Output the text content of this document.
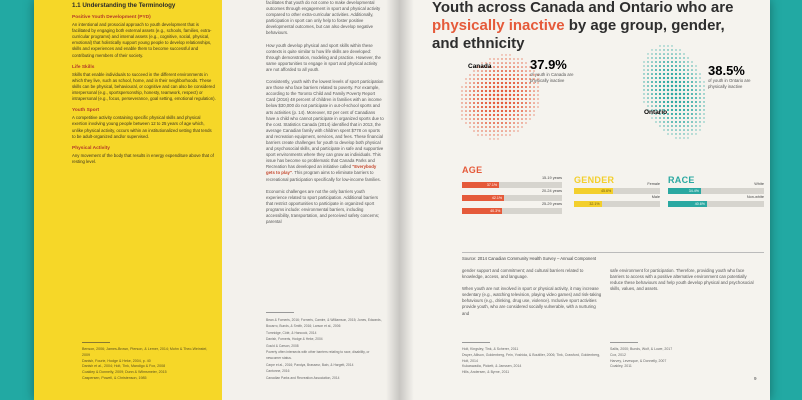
1.1 Understanding the Terminology
Positive Youth Development (PYD)

An intentional and prosocial approach to youth development that is facilitated by engaging both external assets (e.g., schools, families, extra-curricular programs) and internal assets (e.g., cognitive, social, physical, emotional) that holistically support young people to develop relationships, skills and experiences and enable them to become successful and contributing members of their society.

Life Skills

Skills that enable individuals to succeed in the different environments in which they live, such as school, home, and in their neighborhoods. These skills can be physical, behavioural, or cognitive and can also be considered interpersonal (e.g., sportspersonship, honesty, teamwork, respect) or intrapersonal (e.g., focus, perseverance, goal setting, emotional regulation).

Youth Sport

A competitive activity containing specific physical skills and physical exertion involving young people between 12 to 25 years of age which, unlike physical activity, occurs within an institutionalized setting that tends to be adult-organized and/or supervised.

Physical Activity

Any movement of the body that results in energy expenditure above that of resting level.

Benson, 2006; James-Brown, Pierson, & Lerner, 2014; Mohn & Theo-Weinstel, 2009
Danish, Fourie, Hodge & Heke, 2004, p. 40
Danish et al., 2004; Holt, Tink, Mandigo & Fox, 2008
Coakley & Donnelly, 2009; Dunn & Wilmsmeier, 2015
Caspersen, Powell, & Christenson, 1985

facilitates that youth do not come to make developmental outcomes through engagement in sport and physical activity compared to other extra-curricular activities. Additionally, participation in sport can only help to foster positive developmental outcomes, but can also develop negative behaviours.

How youth develop physical and sport skills within these contexts is quite similar to how life skills are developed: through demonstration, modeling and practice. However, the same opportunities to engage in sport and physical activity are not afforded to all youth.

Consistently, youth with the lowest levels of sport participation are those who face barriers related to poverty. For example, according to the Toronto Child and Family Poverty Report Card (2016) 48 percent of children in families with an income below $30,000 do not participate in out-of-school sports and arts activities (p. 14). Moreover, 82 per cent of Canadians have a child who cannot participate in organized sports due to the cost. Statistics Canada (2014) identified that in 2013, the average Canadian family with children spent $778 on sports and recreation equipment, services, and fees. These financial barriers create challenges for youth to develop both physical and psychosocial skills, and participate in safe and supportive sport environments where they can grow as individuals. This issue has become so problematic that Canada Parks and Recreation has developed an initiative called "Everybody gets to play". This program aims to eliminate barriers to recreational participation specifically for low-income families.

Economic challenges are not the only barriers youth experience related to sport participation. Additional barriers that restrict opportunities to participate in organized sport programs include: environmental barriers, including accessibility, transportation, and perceived safety concerns; parental

Bean & Forneris, 2016; Forneris, Camire, & Williamson, 2015; Jones, Edwards, Bocarro, Bunds, & Smith, 2016; Larson et al., 2006
Turnnidge, Côté, & Hancock, 2014
Danish, Forneris, Hodge & Heke, 2004
Gould & Carson, 2008
Poverty often intersects with other barriers relating to race, disability, or newcomer status.
Carpe et al., 2016; Pandya, Brasseur, Bain, & Hargett, 2014
Cantonne, 2016
Canadian Parks and Recreation Association, 2014
Youth across Canada and Ontario who are physically inactive by age group, gender, and ethnicity
Canada	37.9%
of youth in Canada are physically inactive
Ontario
38.5%
of youth in Ontario are physically inactive
AGE
15-19 years
37.1%
20-24 years
42.1%
25-29 years
40.3%
GENDER	Female
45.6%
Male
32.1%
RACE	White
34.4%
Non-white
40.6%
Source: 2014 Canadian Community Health Survey – Annual Component

gender support and commitment; and cultural barriers related to knowledge, access, and language.

When youth are not involved in sport or physical activity, it may increase sedentary (e.g., watching television, playing video games) and risk-taking behaviours (e.g., drinking, drug use, violence). Inclusive sport activities provide youth, who are considered socially vulnerable, with a nurturing and

safe environment for participation. Therefore, providing youth who face barriers to access with a positive alternative environment can potentially reduce these behaviours and help youth develop physical and psychosocial skills, values, and assets.

Holt, Kingsley, Tink, & Scherer, 2011
Dwyer, Allison, Goldenberg, Fein, Yoshida, & Boutilier, 2006; Tink, Crawford, Goldenberg, Holt, 2014
Kukaswadia, Pickett, & Janssen, 2014
Hills, Andersen, & Byrne, 2011
Sallis, 2000; Bunds, Wolf, & Lowe, 2017
Cox, 2012
Harvey, Levesque, & Donnelly, 2007
Coakley, 2011
9
